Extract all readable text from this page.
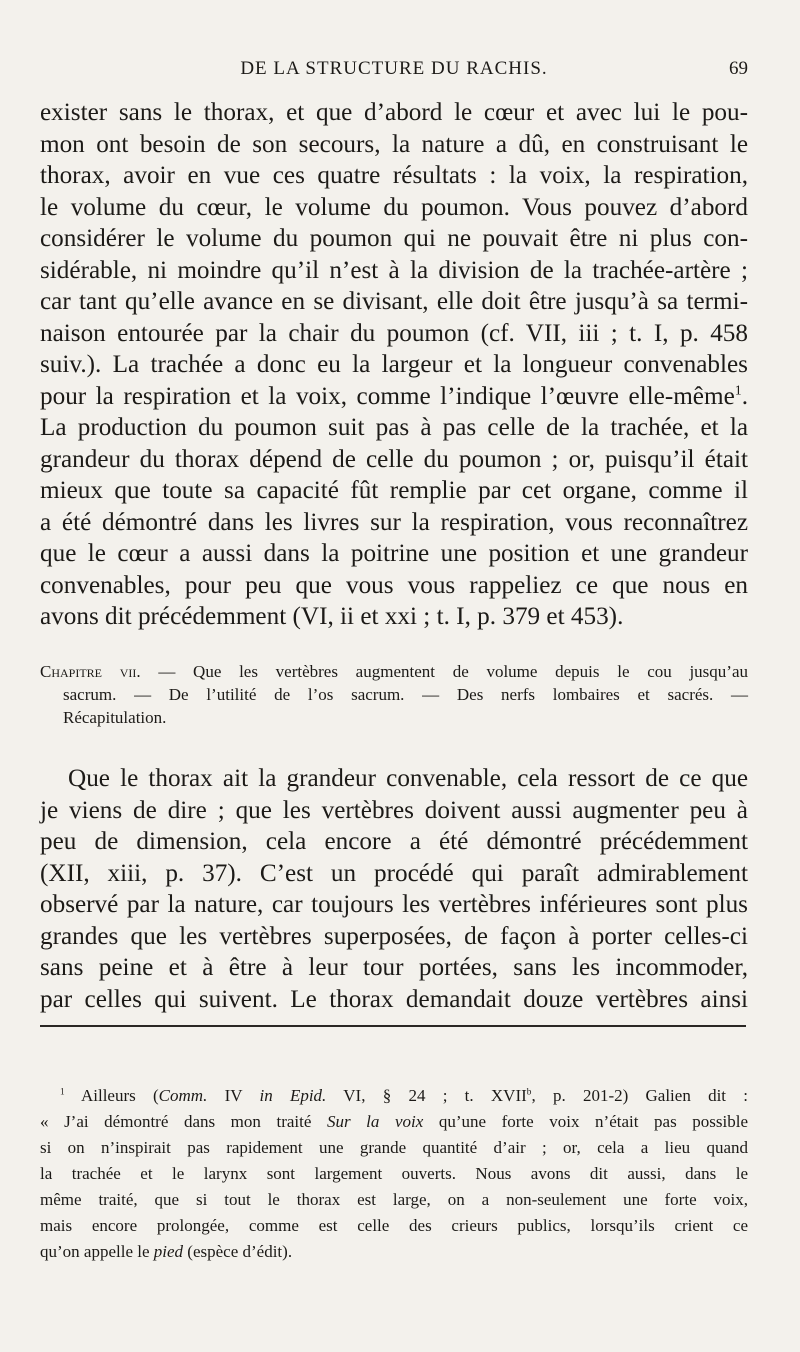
DE LA STRUCTURE DU RACHIS.	69
exister sans le thorax, et que d’abord le cœur et avec lui le pou-
mon ont besoin de son secours, la nature a dû, en construisant le
thorax, avoir en vue ces quatre résultats : la voix, la respiration,
le volume du cœur, le volume du poumon. Vous pouvez d’abord
considérer le volume du poumon qui ne pouvait être ni plus con-
sidérable, ni moindre qu’il n’est à la division de la trachée-artère ;
car tant qu’elle avance en se divisant, elle doit être jusqu’à sa termi-
naison entourée par la chair du poumon (cf. VII, iii ; t. I, p. 458
suiv.). La trachée a donc eu la largeur et la longueur convenables
pour la respiration et la voix, comme l’indique l’œuvre elle-même$^1$.
La production du poumon suit pas à pas celle de la trachée, et la
grandeur du thorax dépend de celle du poumon ; or, puisqu’il était
mieux que toute sa capacité fût remplie par cet organe, comme il
a été démontré dans les livres sur la respiration, vous reconnaîtrez
que le cœur a aussi dans la poitrine une position et une grandeur
convenables, pour peu que vous vous rappeliez ce que nous en
avons dit précédemment (VI, ii et xxi ; t. I, p. 379 et 453).
Chapitre vii. — Que les vertèbres augmentent de volume depuis le cou jusqu’au
sacrum. — De l’utilité de l’os sacrum. — Des nerfs lombaires et sacrés. —
Récapitulation.
Que le thorax ait la grandeur convenable, cela ressort de ce que
je viens de dire ; que les vertèbres doivent aussi augmenter peu à
peu de dimension, cela encore a été démontré précédemment
(XII, xiii, p. 37). C’est un procédé qui paraît admirablement
observé par la nature, car toujours les vertèbres inférieures sont plus
grandes que les vertèbres superposées, de façon à porter celles-ci
sans peine et à être à leur tour portées, sans les incommoder,
par celles qui suivent. Le thorax demandait douze vertèbres ainsi
$^1$ Ailleurs (Comm. IV in Epid. VI, § 24 ; t. XVII$^b$, p. 201-2) Galien dit :
« J’ai démontré dans mon traité Sur la voix qu’une forte voix n’était pas possible
si on n’inspirait pas rapidement une grande quantité d’air ; or, cela a lieu quand
la trachée et le larynx sont largement ouverts. Nous avons dit aussi, dans le
même traité, que si tout le thorax est large, on a non-seulement une forte voix,
mais encore prolongée, comme est celle des crieurs publics, lorsqu’ils crient ce
qu’on appelle le pied (espèce d’édit).
